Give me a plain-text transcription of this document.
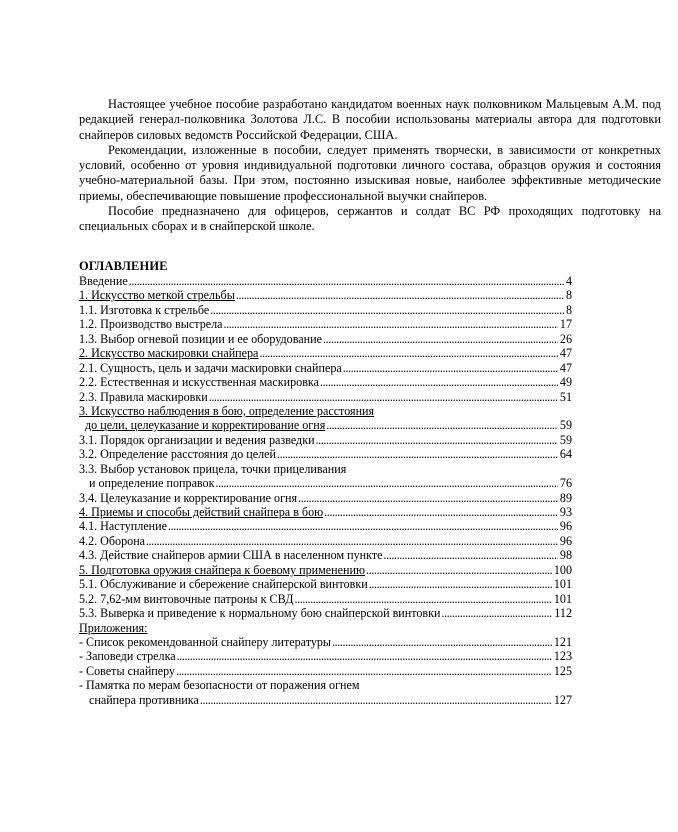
Настоящее учебное пособие разработано кандидатом военных наук полковником Мальцевым А.М. под редакцией генерал-полковника Золотова Л.С. В пособии использованы материалы автора для подготовки снайперов силовых ведомств Российской Федерации, США.

Рекомендации, изложенные в пособии, следует применять творчески, в зависимости от конкретных условий, особенно от уровня индивидуальной подготовки личного состава, образцов оружия и состояния учебно-материальной базы. При этом, постоянно изыскивая новые, наиболее эффективные методические приемы, обеспечивающие повышение профессиональной выучки снайперов.

Пособие предназначено для офицеров, сержантов и солдат ВС РФ проходящих подготовку на специальных сборах и в снайперской школе.

ОГЛАВЛЕНИЕ
Введение .....	4
1. Искусство меткой стрельбы .....	8
1.1. Изготовка к стрельбе .....	8
1.2. Производство выстрела .....	17
1.3. Выбор огневой позиции и ее оборудование .....	26
2. Искусство маскировки снайпера .....	47
2.1. Сущность, цель и задачи маскировки снайпера .....	47
2.2. Естественная и искусственная маскировка .....	49
2.3. Правила маскировки .....	51
3. Искусство наблюдения в бою, определение расстояния
до цели, целеуказание и корректирование огня .....	59
3.1. Порядок организации и ведения разведки .....	59
3.2. Определение расстояния до целей .....	64
3.3. Выбор установок прицела, точки прицеливания
и определение поправок .....	76
3.4. Целеуказание и корректирование огня .....	89
4. Приемы и способы действий снайпера в бою .....	93
4.1. Наступление .....	96
4.2. Оборона .....	96
4.3. Действие снайперов армии США в населенном пункте .....	98
5. Подготовка оружия снайпера к боевому применению .....	100
5.1. Обслуживание и сбережение снайперской винтовки .....	101
5.2. 7,62-мм винтовочные патроны к СВД .....	101
5.3. Выверка и приведение к нормальному бою снайперской винтовки .....	112
Приложения:
- Список рекомендованной снайперу литературы .....	121
- Заповеди стрелка .....	123
- Советы снайперу .....	125
- Памятка по мерам безопасности от поражения огнем
снайпера противника .....	127
